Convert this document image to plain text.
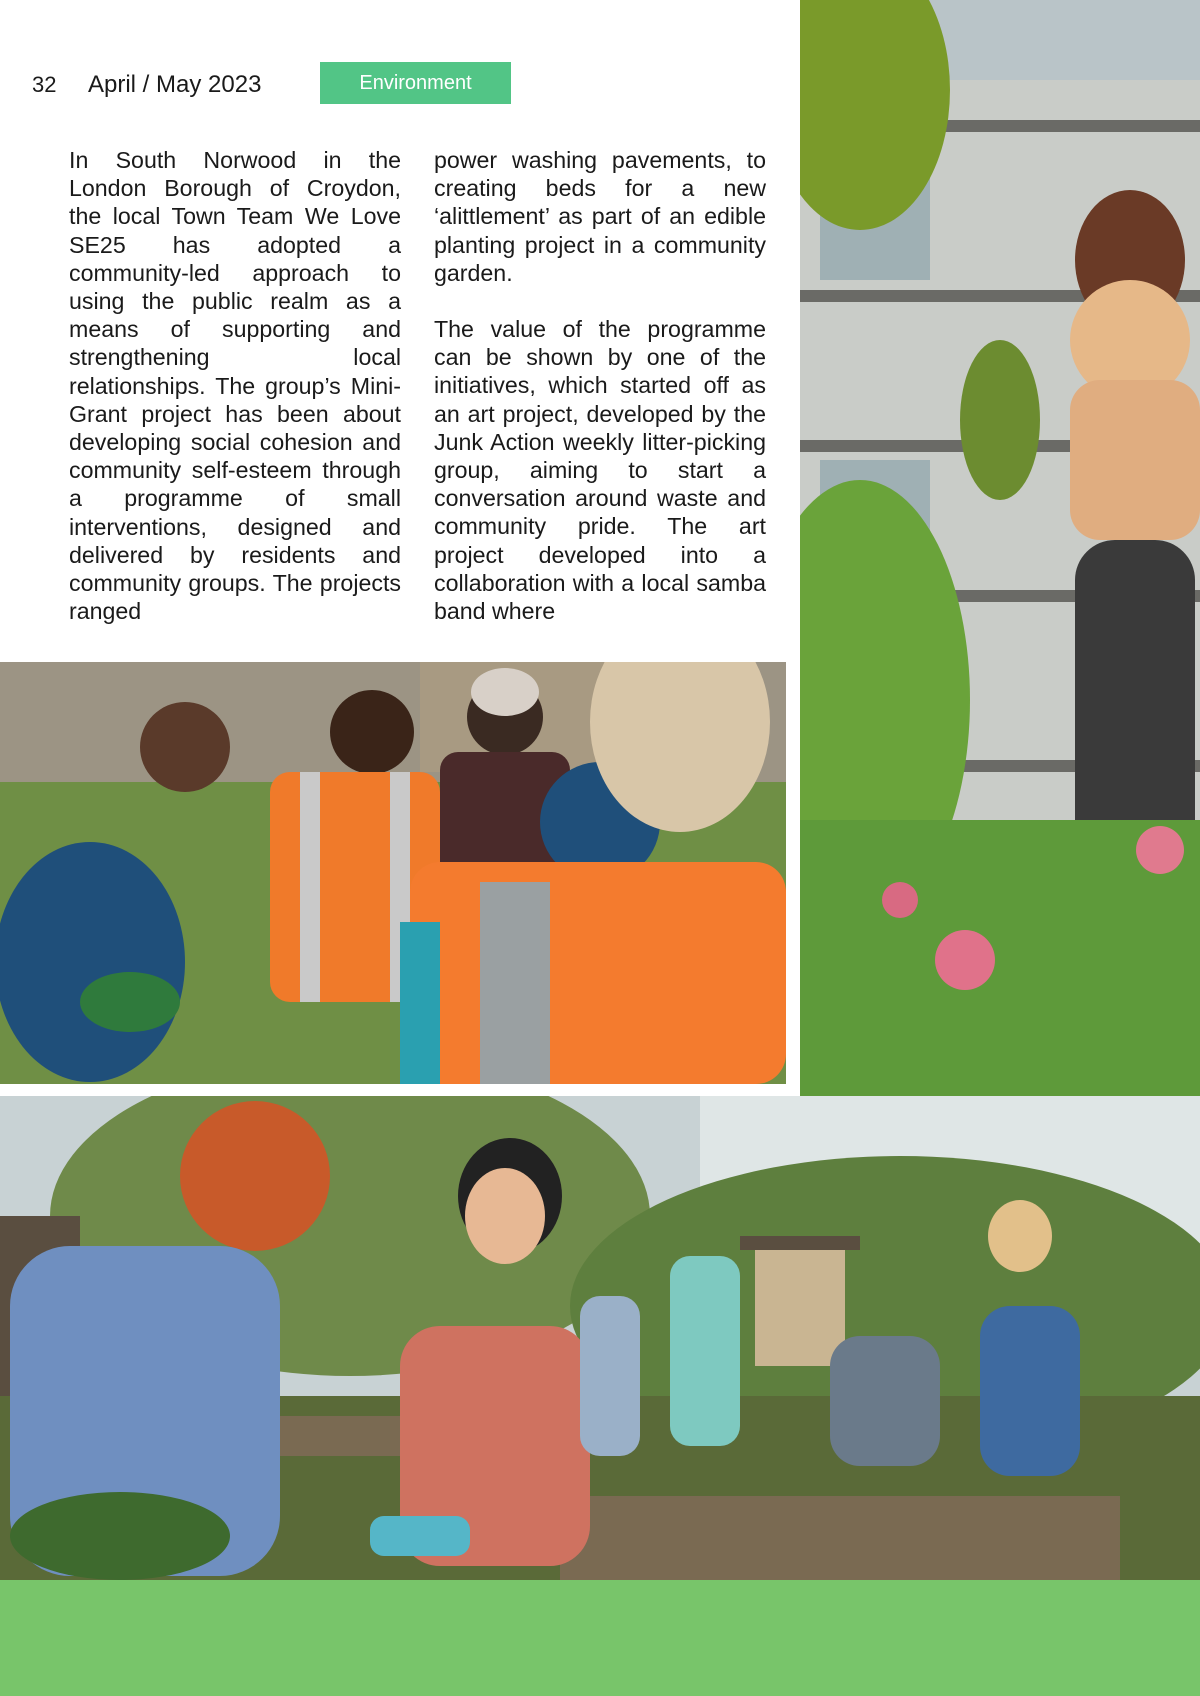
32 April / May 2023	Environment

In South Norwood in the London Borough of Croydon, the local Town Team We Love SE25 has adopted a community-led approach to using the public realm as a means of supporting and strengthening local relationships. The group’s Mini-Grant project has been about developing social cohesion and community self-esteem through a programme of small interventions, designed and delivered by residents and community groups. The projects ranged

power washing pavements, to creating beds for a new ‘alittlement’ as part of an edible planting project in a community garden.

The value of the programme can be shown by one of the initiatives, which started off as an art project, developed by the Junk Action weekly litter-picking group, aiming to start a conversation around waste and community pride. The art project developed into a collaboration with a local samba band where
